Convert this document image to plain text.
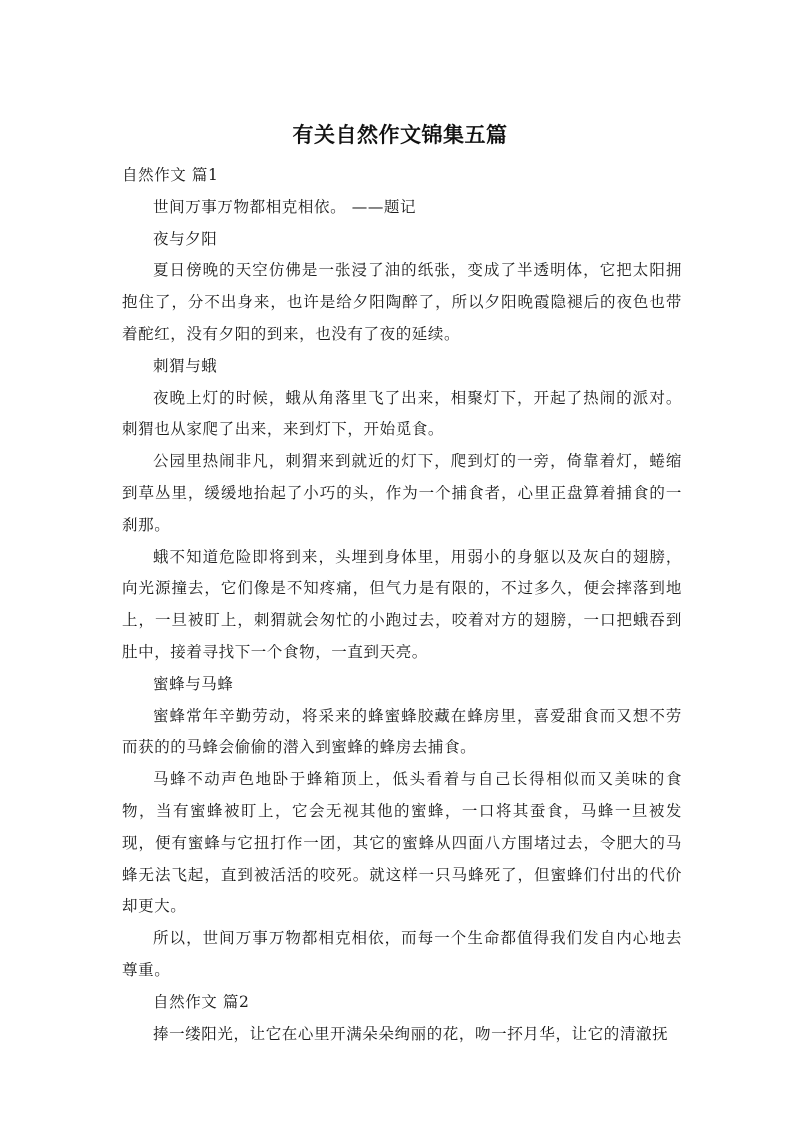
有关自然作文锦集五篇

自然作文 篇1

世间万事万物都相克相依。 ——题记

夜与夕阳

夏日傍晚的天空仿佛是一张浸了油的纸张，变成了半透明体，它把太阳拥抱住了，分不出身来，也许是给夕阳陶醉了，所以夕阳晚霞隐褪后的夜色也带着酡红，没有夕阳的到来，也没有了夜的延续。

刺猬与蛾

夜晚上灯的时候，蛾从角落里飞了出来，相聚灯下，开起了热闹的派对。刺猬也从家爬了出来，来到灯下，开始觅食。

公园里热闹非凡，刺猬来到就近的灯下，爬到灯的一旁，倚靠着灯，蜷缩到草丛里，缓缓地抬起了小巧的头，作为一个捕食者，心里正盘算着捕食的一刹那。

蛾不知道危险即将到来，头埋到身体里，用弱小的身躯以及灰白的翅膀，向光源撞去，它们像是不知疼痛，但气力是有限的，不过多久，便会摔落到地上，一旦被盯上，刺猬就会匆忙的小跑过去，咬着对方的翅膀，一口把蛾吞到肚中，接着寻找下一个食物，一直到天亮。

蜜蜂与马蜂

蜜蜂常年辛勤劳动，将采来的蜂蜜蜂胶藏在蜂房里，喜爱甜食而又想不劳而获的的马蜂会偷偷的潜入到蜜蜂的蜂房去捕食。

马蜂不动声色地卧于蜂箱顶上，低头看着与自己长得相似而又美味的食物，当有蜜蜂被盯上，它会无视其他的蜜蜂，一口将其蚕食，马蜂一旦被发现，便有蜜蜂与它扭打作一团，其它的蜜蜂从四面八方围堵过去，令肥大的马蜂无法飞起，直到被活活的咬死。就这样一只马蜂死了，但蜜蜂们付出的代价却更大。

所以，世间万事万物都相克相依，而每一个生命都值得我们发自内心地去尊重。

自然作文 篇2

捧一缕阳光，让它在心里开满朵朵绚丽的花，吻一抔月华，让它的清澈抚
